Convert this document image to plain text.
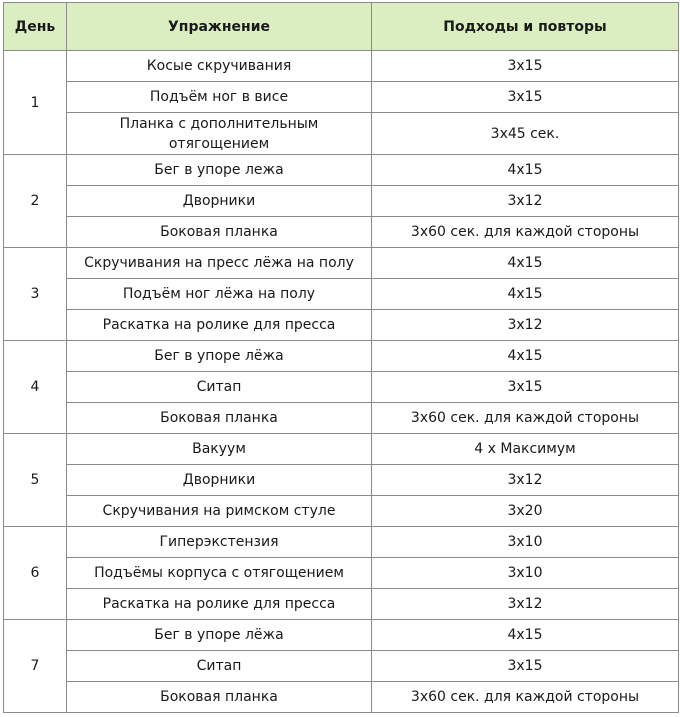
День	Упражнение	Подходы и повторы
1	Косые скручивания	3х15
	Подъём ног в висе	3х15
	Планка с дополнительным отягощением	3х45 сек.
2	Бег в упоре лежа	4х15
	Дворники	3х12
	Боковая планка	3х60 сек. для каждой стороны
3	Скручивания на пресс лёжа на полу	4х15
	Подъём ног лёжа на полу	4х15
	Раскатка на ролике для пресса	3х12
4	Бег в упоре лёжа	4х15
	Ситап	3х15
	Боковая планка	3х60 сек. для каждой стороны
5	Вакуум	4 х Максимум
	Дворники	3х12
	Скручивания на римском стуле	3х20
6	Гиперэкстензия	3х10
	Подъёмы корпуса с отягощением	3х10
	Раскатка на ролике для пресса	3х12
7	Бег в упоре лёжа	4х15
	Ситап	3х15
	Боковая планка	3х60 сек. для каждой стороны
